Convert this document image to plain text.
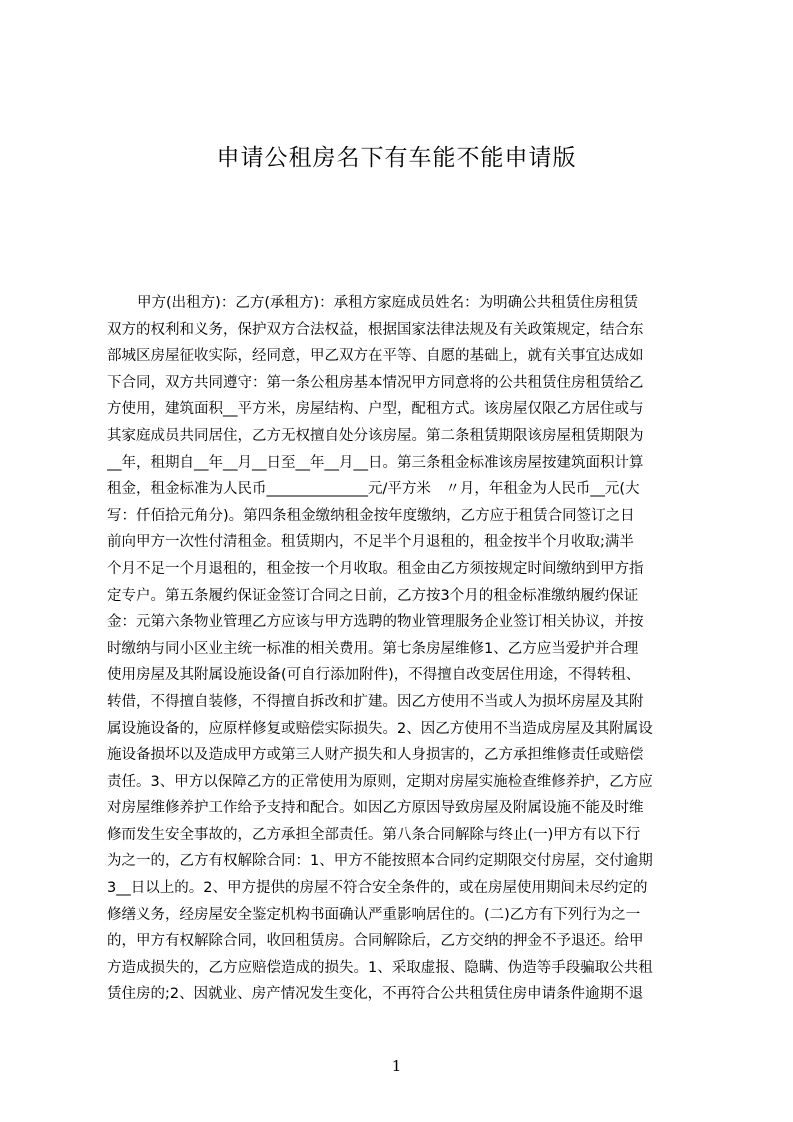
申请公租房名下有车能不能申请版
甲方(出租方)：乙方(承租方)：承租方家庭成员姓名：为明确公共租赁住房租赁
双方的权利和义务，保护双方合法权益，根据国家法律法规及有关政策规定，结合东
部城区房屋征收实际，经同意，甲乙双方在平等、自愿的基础上，就有关事宜达成如
下合同，双方共同遵守：第一条公租房基本情况甲方同意将的公共租赁住房租赁给乙
方使用，建筑面积__平方米，房屋结构、户型，配租方式。该房屋仅限乙方居住或与
其家庭成员共同居住，乙方无权擅自处分该房屋。第二条租赁期限该房屋租赁期限为
__年，租期自__年__月__日至__年__月__日。第三条租金标准该房屋按建筑面积计算
租金，租金标准为人民币______________元/平方米　〃月，年租金为人民币__元(大
写：仟佰拾元角分)。第四条租金缴纳租金按年度缴纳，乙方应于租赁合同签订之日
前向甲方一次性付清租金。租赁期内，不足半个月退租的，租金按半个月收取;满半
个月不足一个月退租的，租金按一个月收取。租金由乙方须按规定时间缴纳到甲方指
定专户。第五条履约保证金签订合同之日前，乙方按3个月的租金标准缴纳履约保证
金：元第六条物业管理乙方应该与甲方选聘的物业管理服务企业签订相关协议，并按
时缴纳与同小区业主统一标准的相关费用。第七条房屋维修1、乙方应当爱护并合理
使用房屋及其附属设施设备(可自行添加附件)，不得擅自改变居住用途，不得转租、
转借，不得擅自装修，不得擅自拆改和扩建。因乙方使用不当或人为损坏房屋及其附
属设施设备的，应原样修复或赔偿实际损失。2、因乙方使用不当造成房屋及其附属设
施设备损坏以及造成甲方或第三人财产损失和人身损害的，乙方承担维修责任或赔偿
责任。3、甲方以保障乙方的正常使用为原则，定期对房屋实施检查维修养护，乙方应
对房屋维修养护工作给予支持和配合。如因乙方原因导致房屋及附属设施不能及时维
修而发生安全事故的，乙方承担全部责任。第八条合同解除与终止(一)甲方有以下行
为之一的，乙方有权解除合同：1、甲方不能按照本合同约定期限交付房屋，交付逾期
3__日以上的。2、甲方提供的房屋不符合安全条件的，或在房屋使用期间未尽约定的
修缮义务，经房屋安全鉴定机构书面确认严重影响居住的。(二)乙方有下列行为之一
的，甲方有权解除合同，收回租赁房。合同解除后，乙方交纳的押金不予退还。给甲
方造成损失的，乙方应赔偿造成的损失。1、采取虚报、隐瞒、伪造等手段骗取公共租
赁住房的;2、因就业、房产情况发生变化，不再符合公共租赁住房申请条件逾期不退
1
